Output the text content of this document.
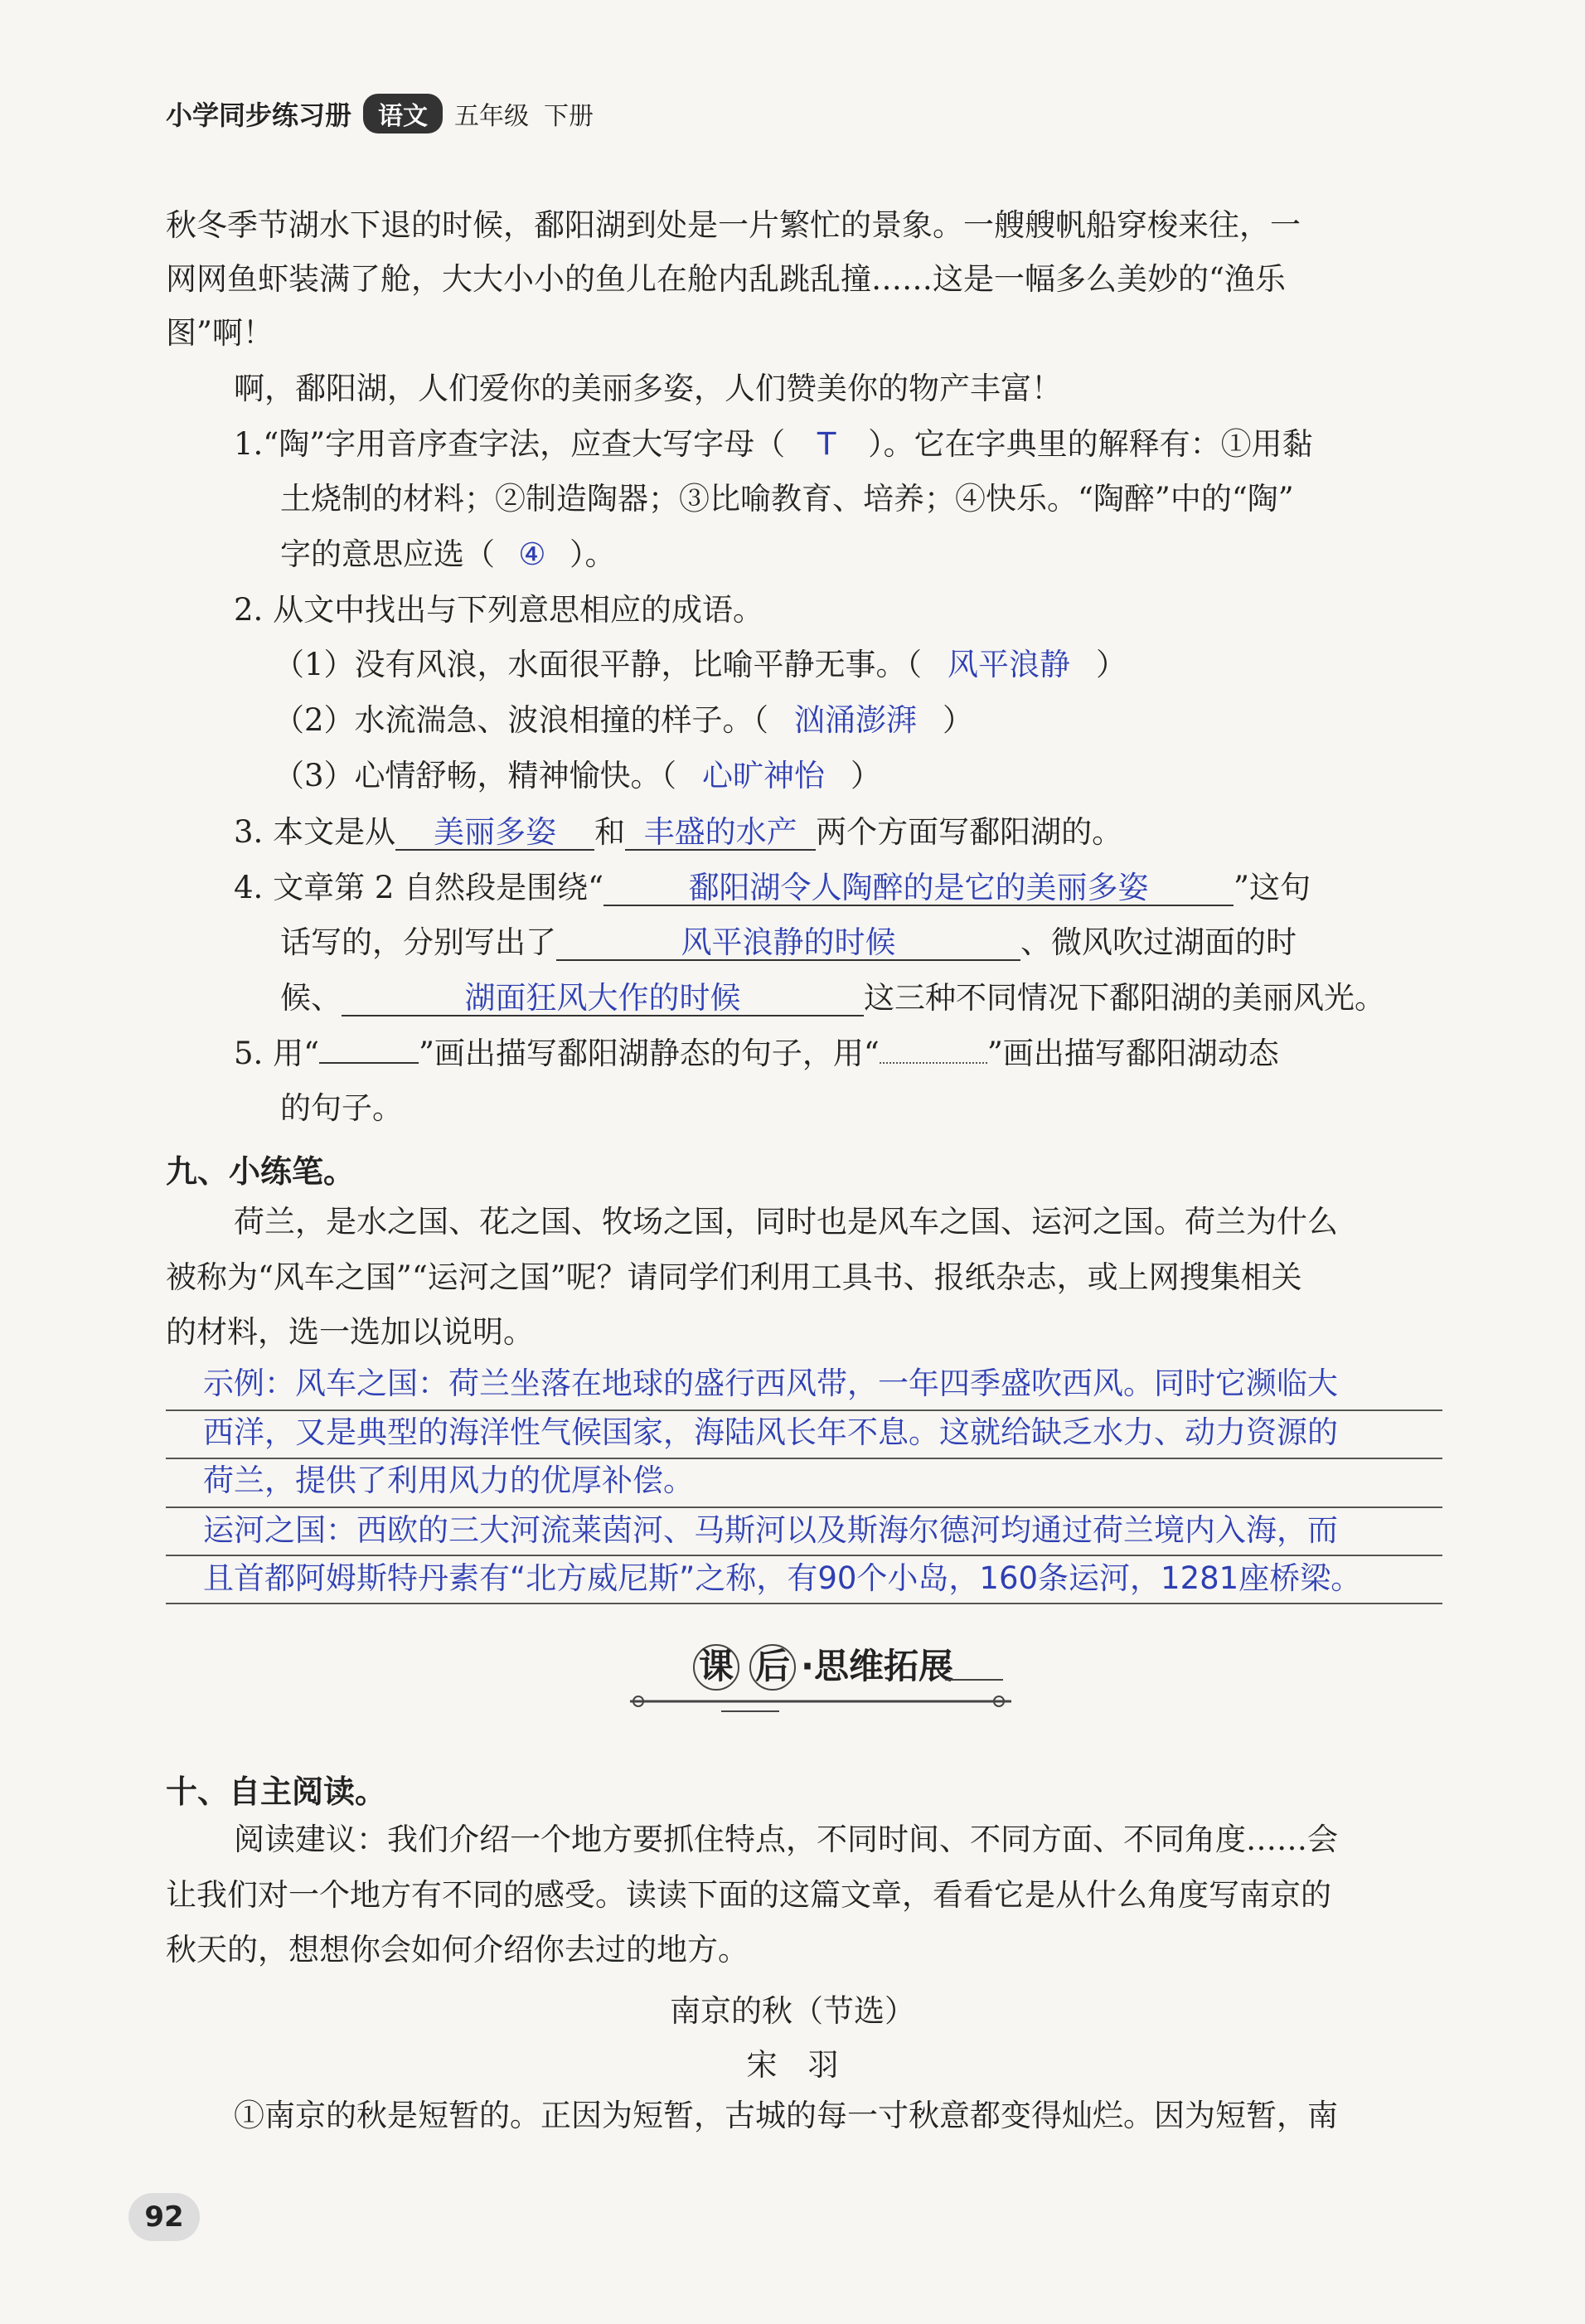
小学同步练习册	语文	五年级 下册
秋冬季节湖水下退的时候，鄱阳湖到处是一片繁忙的景象。一艘艘帆船穿梭来往，一
网网鱼虾装满了舱，大大小小的鱼儿在舱内乱跳乱撞……这是一幅多么美妙的“渔乐
图”啊！
啊，鄱阳湖，人们爱你的美丽多姿，人们赞美你的物产丰富！
1.“陶”字用音序查字法，应查大写字母（ T ）。它在字典里的解释有：①用黏
土烧制的材料；②制造陶器；③比喻教育、培养；④快乐。“陶醉”中的“陶”
字的意思应选（ ④ ）。
2. 从文中找出与下列意思相应的成语。
（1）没有风浪，水面很平静，比喻平静无事。（ 风平浪静 ）
（2）水流湍急、波浪相撞的样子。（ 汹涌澎湃 ）
（3）心情舒畅，精神愉快。（ 心旷神怡 ）
3. 本文是从 美丽多姿 和 丰盛的水产 两个方面写鄱阳湖的。
4. 文章第 2 自然段是围绕“	鄱阳湖令人陶醉的是它的美丽多姿	”这句
话写的，分别写出了	风平浪静的时候	、微风吹过湖面的时
候、	湖面狂风大作的时候	这三种不同情况下鄱阳湖的美丽风光。
5. 用“	”画出描写鄱阳湖静态的句子，用“	”画出描写鄱阳湖动态
的句子。
九、小练笔。
荷兰，是水之国、花之国、牧场之国，同时也是风车之国、运河之国。荷兰为什么
被称为“风车之国”“运河之国”呢？请同学们利用工具书、报纸杂志，或上网搜集相关
的材料，选一选加以说明。
示例：风车之国：荷兰坐落在地球的盛行西风带，一年四季盛吹西风。同时它濒临大
西洋，又是典型的海洋性气候国家，海陆风长年不息。这就给缺乏水力、动力资源的
荷兰，提供了利用风力的优厚补偿。
运河之国：西欧的三大河流莱茵河、马斯河以及斯海尔德河均通过荷兰境内入海，而
且首都阿姆斯特丹素有“北方威尼斯”之称，有90个小岛，160条运河，1281座桥梁。
课 后 ·思维拓展
十、自主阅读。
阅读建议：我们介绍一个地方要抓住特点，不同时间、不同方面、不同角度……会
让我们对一个地方有不同的感受。读读下面的这篇文章，看看它是从什么角度写南京的
秋天的，想想你会如何介绍你去过的地方。
南京的秋（节选）
宋　羽
①南京的秋是短暂的。正因为短暂，古城的每一寸秋意都变得灿烂。因为短暂，南
92
